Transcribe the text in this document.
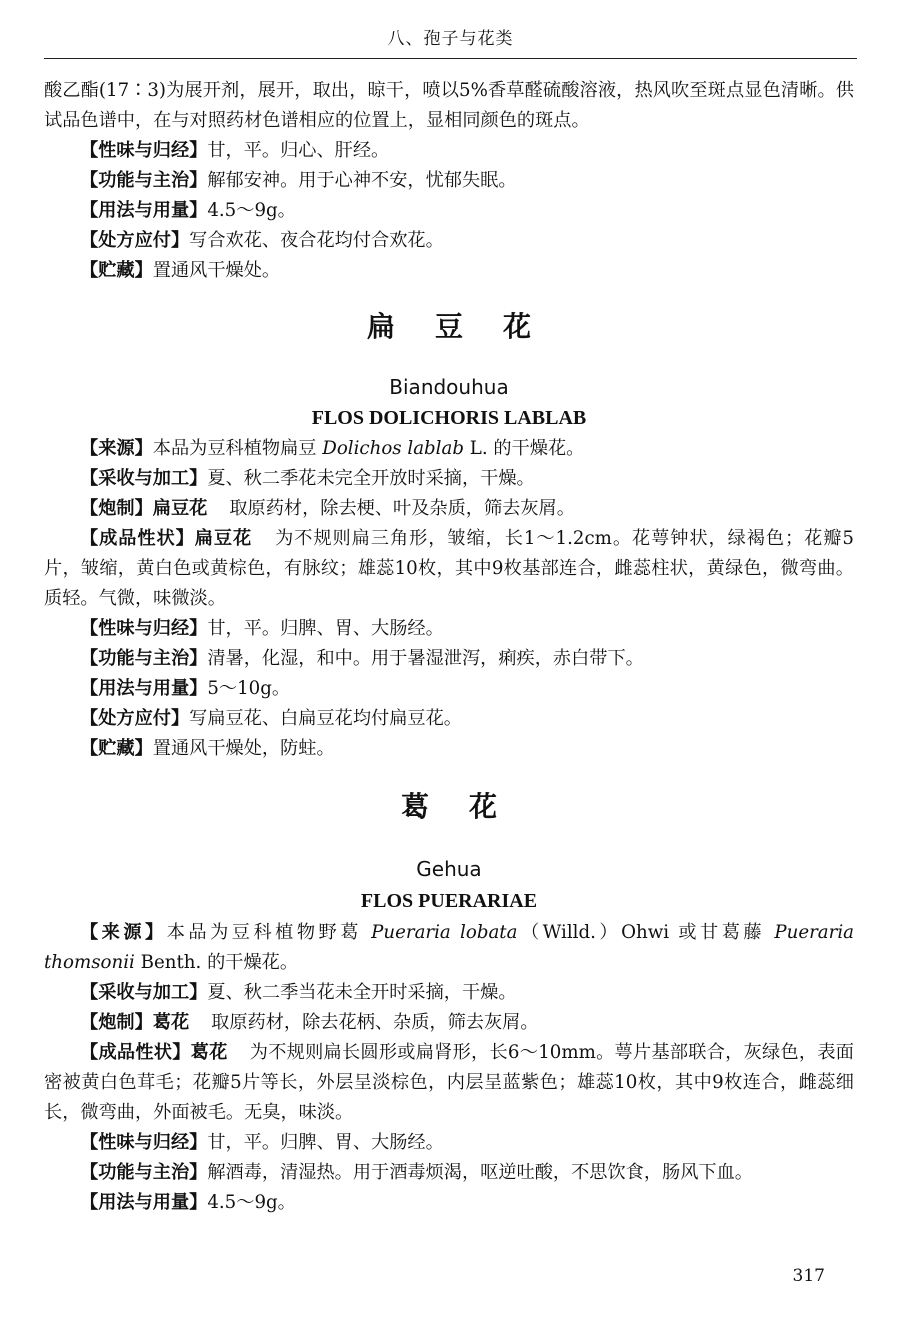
八、孢子与花类

酸乙酯(17∶3)为展开剂，展开，取出，晾干，喷以5%香草醛硫酸溶液，热风吹至斑点显色清晰。供试品色谱中，在与对照药材色谱相应的位置上，显相同颜色的斑点。

【性味与归经】甘，平。归心、肝经。

【功能与主治】解郁安神。用于心神不安，忧郁失眠。

【用法与用量】4.5～9g。

【处方应付】写合欢花、夜合花均付合欢花。

【贮藏】置通风干燥处。

扁豆花
Biandouhua
FLOS DOLICHORIS LABLAB

【来源】本品为豆科植物扁豆 Dolichos lablab L. 的干燥花。

【采收与加工】夏、秋二季花未完全开放时采摘，干燥。

【炮制】扁豆花 取原药材，除去梗、叶及杂质，筛去灰屑。

【成品性状】扁豆花 为不规则扁三角形，皱缩，长1～1.2cm。花萼钟状，绿褐色；花瓣5片，皱缩，黄白色或黄棕色，有脉纹；雄蕊10枚，其中9枚基部连合，雌蕊柱状，黄绿色，微弯曲。质轻。气微，味微淡。

【性味与归经】甘，平。归脾、胃、大肠经。

【功能与主治】清暑，化湿，和中。用于暑湿泄泻，痢疾，赤白带下。

【用法与用量】5～10g。

【处方应付】写扁豆花、白扁豆花均付扁豆花。

【贮藏】置通风干燥处，防蛀。

葛花
Gehua
FLOS PUERARIAE

【来源】本品为豆科植物野葛 Pueraria lobata（Willd.）Ohwi 或甘葛藤 Pueraria thomsonii Benth. 的干燥花。

【采收与加工】夏、秋二季当花未全开时采摘，干燥。

【炮制】葛花 取原药材，除去花柄、杂质，筛去灰屑。

【成品性状】葛花 为不规则扁长圆形或扁肾形，长6～10mm。萼片基部联合，灰绿色，表面密被黄白色茸毛；花瓣5片等长，外层呈淡棕色，内层呈蓝紫色；雄蕊10枚，其中9枚连合，雌蕊细长，微弯曲，外面被毛。无臭，味淡。

【性味与归经】甘，平。归脾、胃、大肠经。

【功能与主治】解酒毒，清湿热。用于酒毒烦渴，呕逆吐酸，不思饮食，肠风下血。

【用法与用量】4.5～9g。

317
